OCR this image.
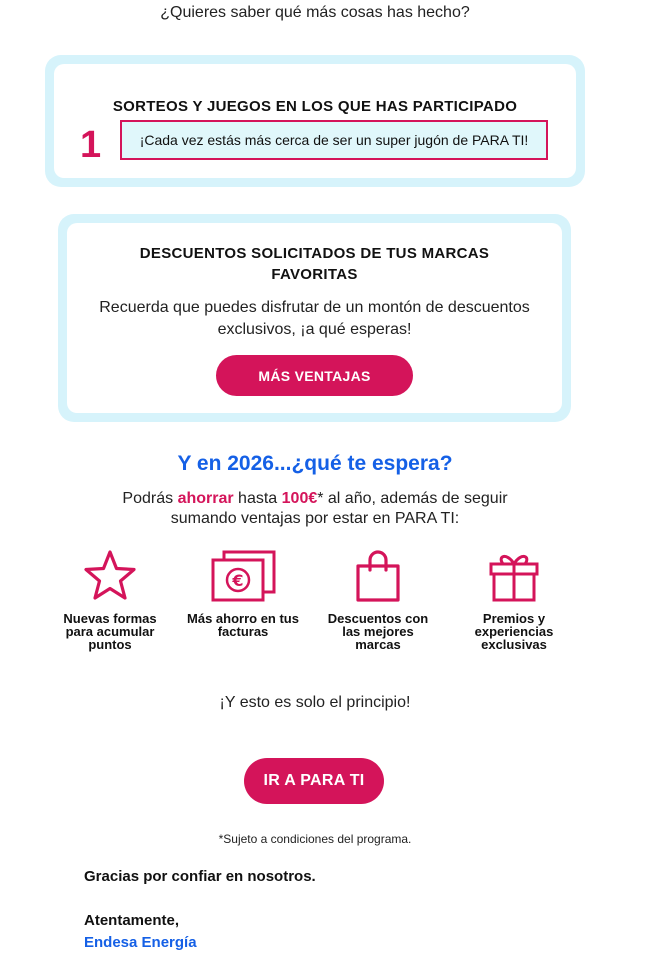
¿Quieres saber qué más cosas has hecho?
SORTEOS Y JUEGOS EN LOS QUE HAS PARTICIPADO
1	¡Cada vez estás más cerca de ser un super jugón de PARA TI!
DESCUENTOS SOLICITADOS DE TUS MARCAS FAVORITAS
Recuerda que puedes disfrutar de un montón de descuentos exclusivos, ¡a qué esperas!
MÁS VENTAJAS
Y en 2026...¿qué te espera?
Podrás ahorrar hasta 100€* al año, además de seguir
sumando ventajas por estar en PARA TI:
Nuevas formas para acumular puntos
€
Más ahorro en tus facturas
Descuentos con las mejores marcas
Premios y experiencias exclusivas
¡Y esto es solo el principio!
IR A PARA TI
*Sujeto a condiciones del programa.
Gracias por confiar en nosotros.
Atentamente,
Endesa Energía
